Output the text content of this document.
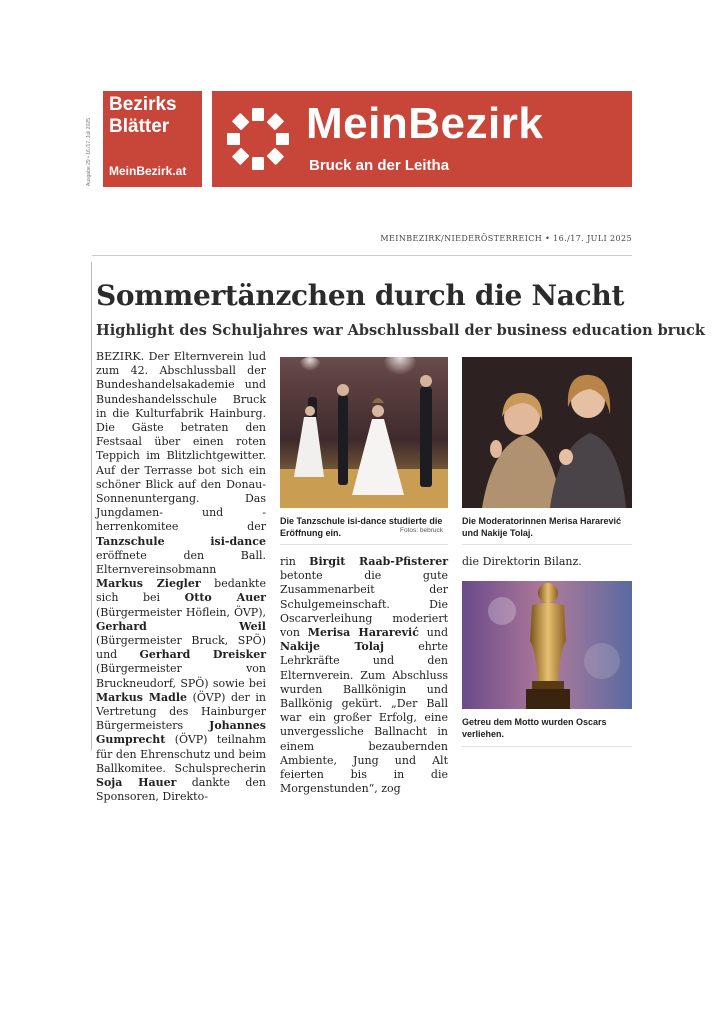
Ausgabe 29 • 16./17. Juli 2025
Bezirks
Blätter
MeinBezirk.at
MeinBezirk
Bruck an der Leitha
MEINBEZIRK/NIEDERÖSTERREICH • 16./17. JULI 2025
Sommertänzchen durch die Nacht
Highlight des Schuljahres war Abschlussball der business education bruck
BEZIRK. Der Elternverein lud zum 42. Abschlussball der Bundeshandelsakademie und Bundeshandelsschule Bruck in die Kulturfabrik Hainburg. Die Gäste betraten den Festsaal über einen roten Teppich im Blitzlichtgewitter. Auf der Terrasse bot sich ein schöner Blick auf den Donau-Sonnenuntergang. Das Jungdamen- und -herrenkomitee der Tanzschule isi-dance eröffnete den Ball. Elternvereinsobmann Markus Ziegler bedankte sich bei Otto Auer (Bürgermeister Höflein, ÖVP), Gerhard Weil (Bürgermeister Bruck, SPÖ) und Gerhard Dreisker (Bürgermeister von Bruckneudorf, SPÖ) sowie bei Markus Madle (ÖVP) der in Vertretung des Hainburger Bürgermeisters Johannes Gumprecht (ÖVP) teilnahm für den Ehrenschutz und beim Ballkomitee. Schulsprecherin Soja Hauer dankte den Sponsoren, Direkto-
rin Birgit Raab-Pfisterer betonte die gute Zusammenarbeit der Schulgemeinschaft. Die Oscarverleihung moderiert von Merisa Hararević und Nakije Tolaj ehrte Lehrkräfte und den Elternverein. Zum Abschluss wurden Ballkönigin und Ballkönig gekürt. „Der Ball war ein großer Erfolg, eine unvergessliche Ballnacht in einem bezaubernden Ambiente, Jung und Alt feierten bis in die Morgenstunden“, zog
die Direktorin Bilanz.
Die Tanzschule isi-dance studierte die Eröffnung ein.	Fotos: bebruck
Die Moderatorinnen Merisa Hararević und Nakije Tolaj.
Getreu dem Motto wurden Oscars verliehen.
